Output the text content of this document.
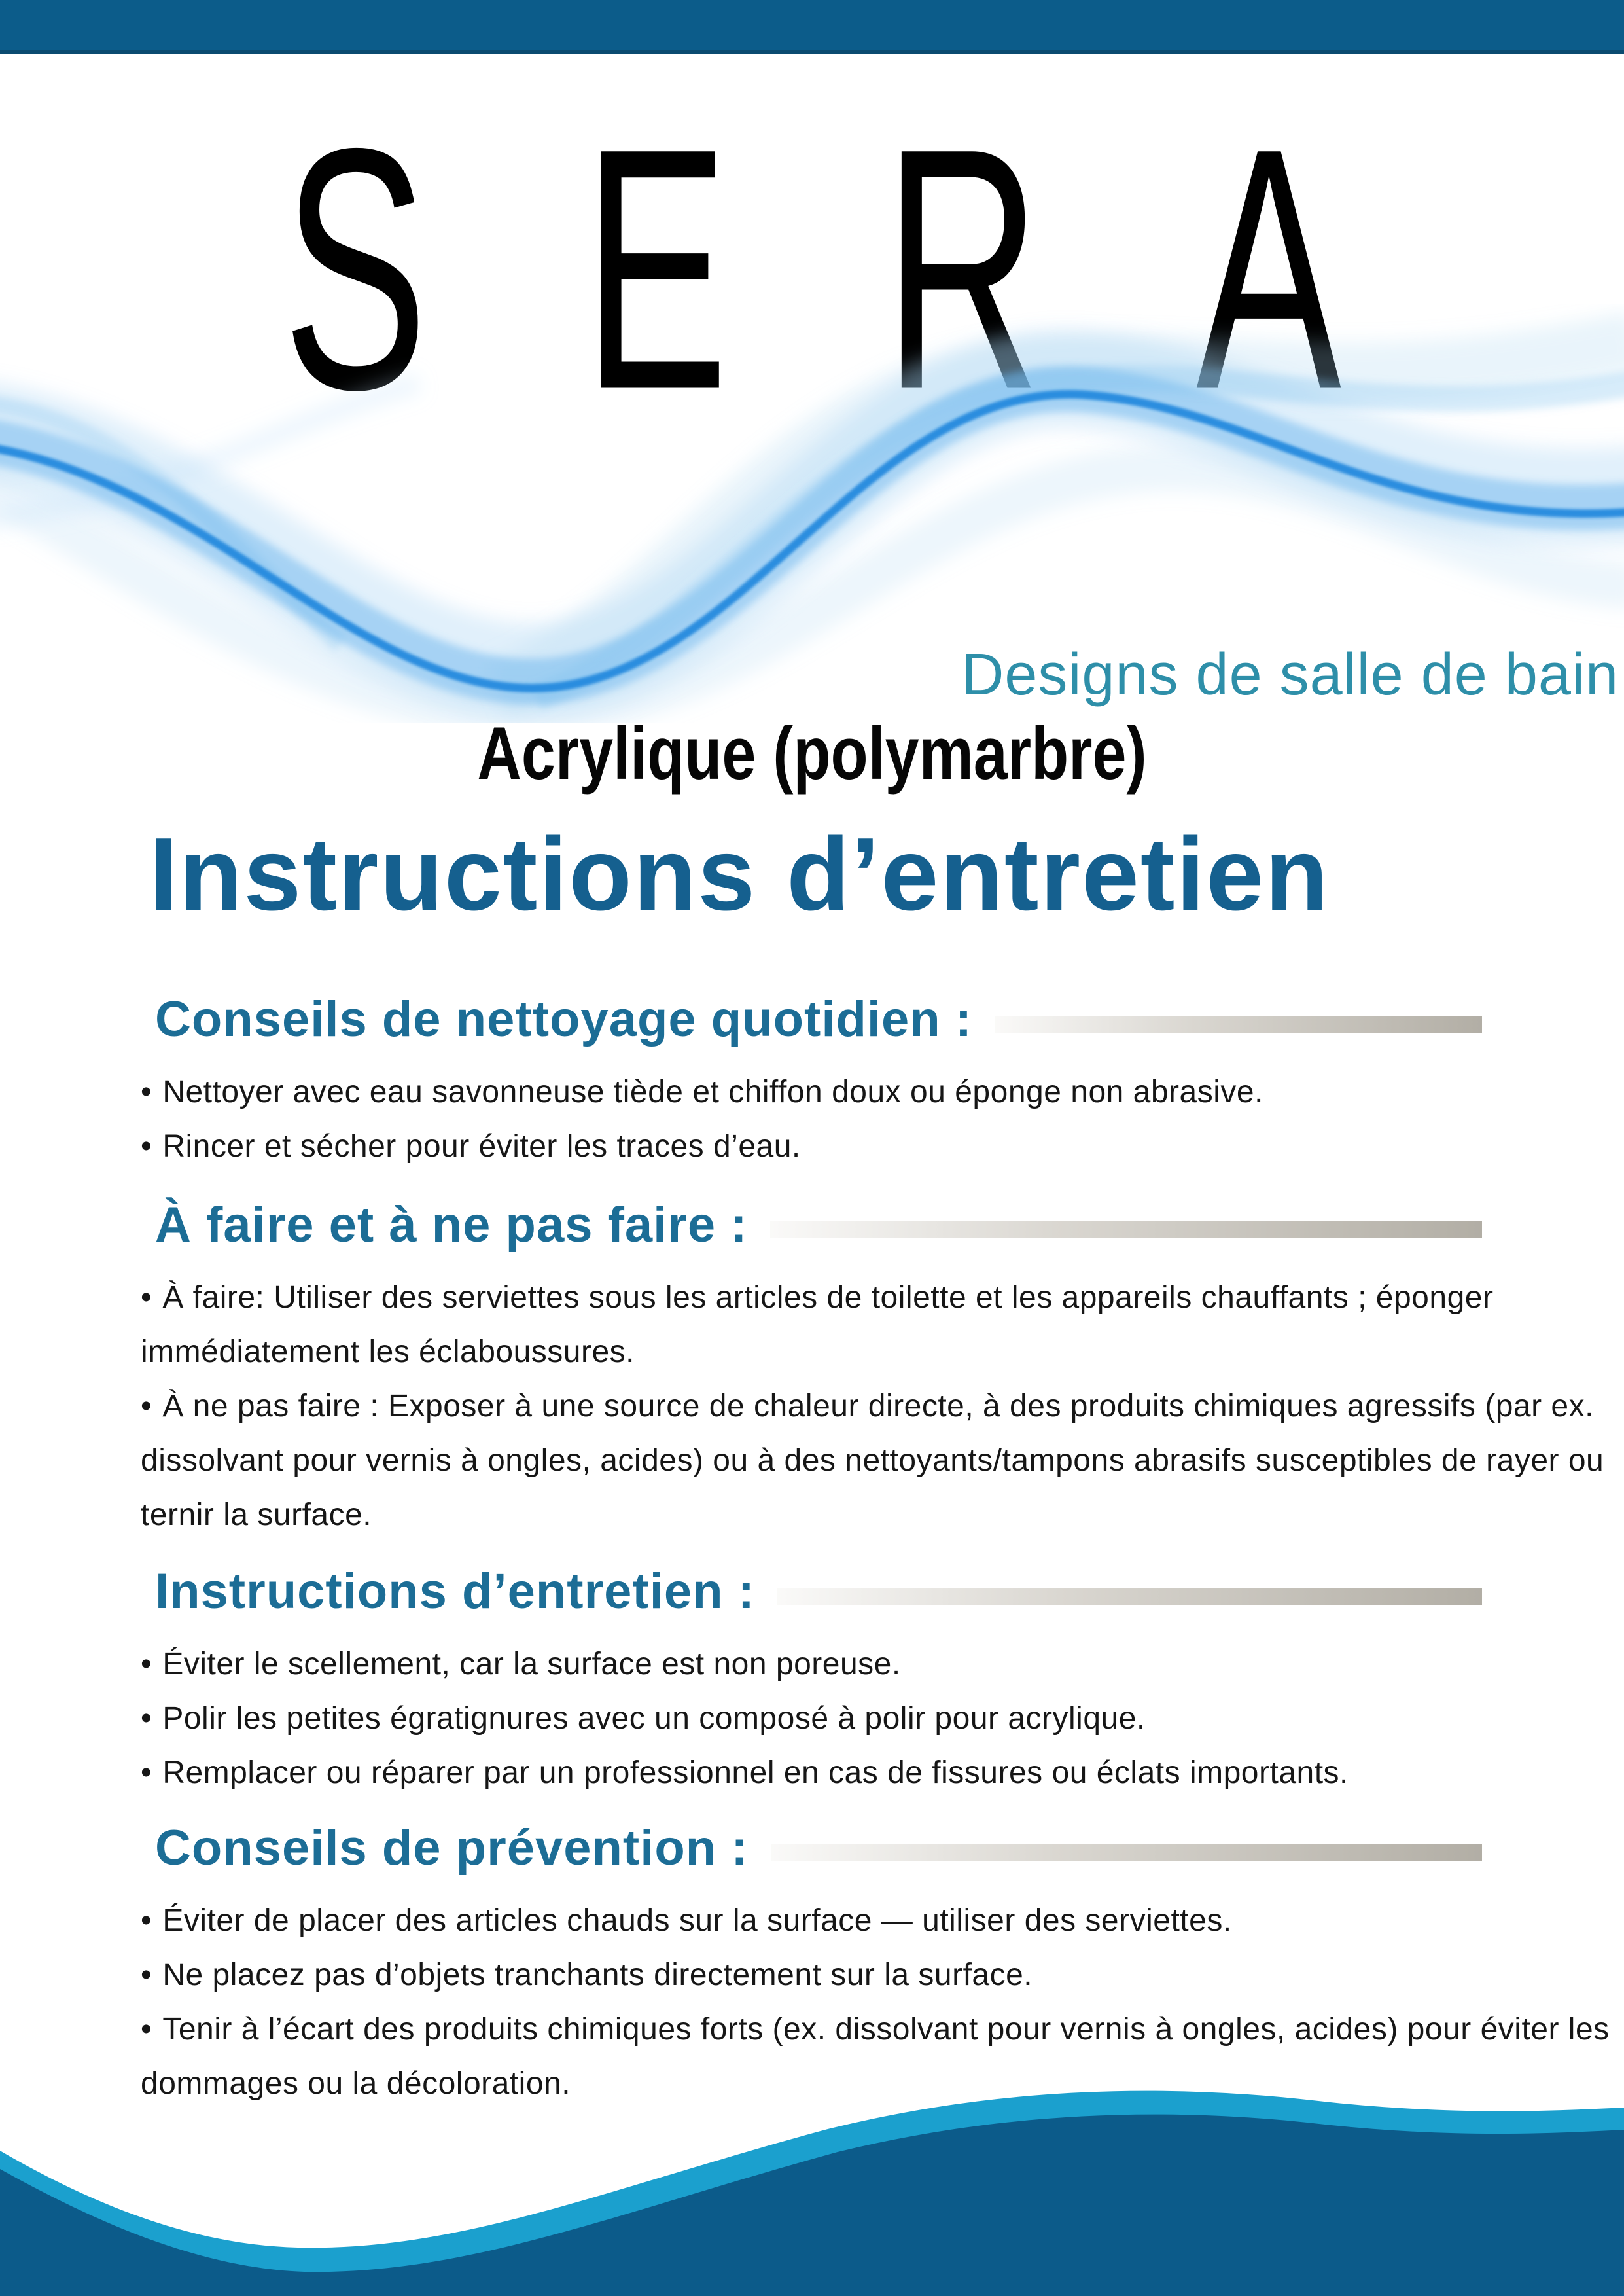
SERA
Designs de salle de bain
Acrylique (polymarbre)
Instructions d’entretien
Conseils de nettoyage quotidien :
• Nettoyer avec eau savonneuse tiède et chiffon doux ou éponge non abrasive.
• Rincer et sécher pour éviter les traces d’eau.
À faire et à ne pas faire :
• À faire: Utiliser des serviettes sous les articles de toilette et les appareils chauffants ; éponger immédiatement les éclaboussures.
• À ne pas faire : Exposer à une source de chaleur directe, à des produits chimiques agressifs (par ex. dissolvant pour vernis à ongles, acides) ou à des nettoyants/tampons abrasifs susceptibles de rayer ou ternir la surface.
Instructions d’entretien :
• Éviter le scellement, car la surface est non poreuse.
• Polir les petites égratignures avec un composé à polir pour acrylique.
• Remplacer ou réparer par un professionnel en cas de fissures ou éclats importants.
Conseils de prévention :
• Éviter de placer des articles chauds sur la surface — utiliser des serviettes.
• Ne placez pas d’objets tranchants directement sur la surface.
• Tenir à l’écart des produits chimiques forts (ex. dissolvant pour vernis à ongles, acides) pour éviter les dommages ou la décoloration.
